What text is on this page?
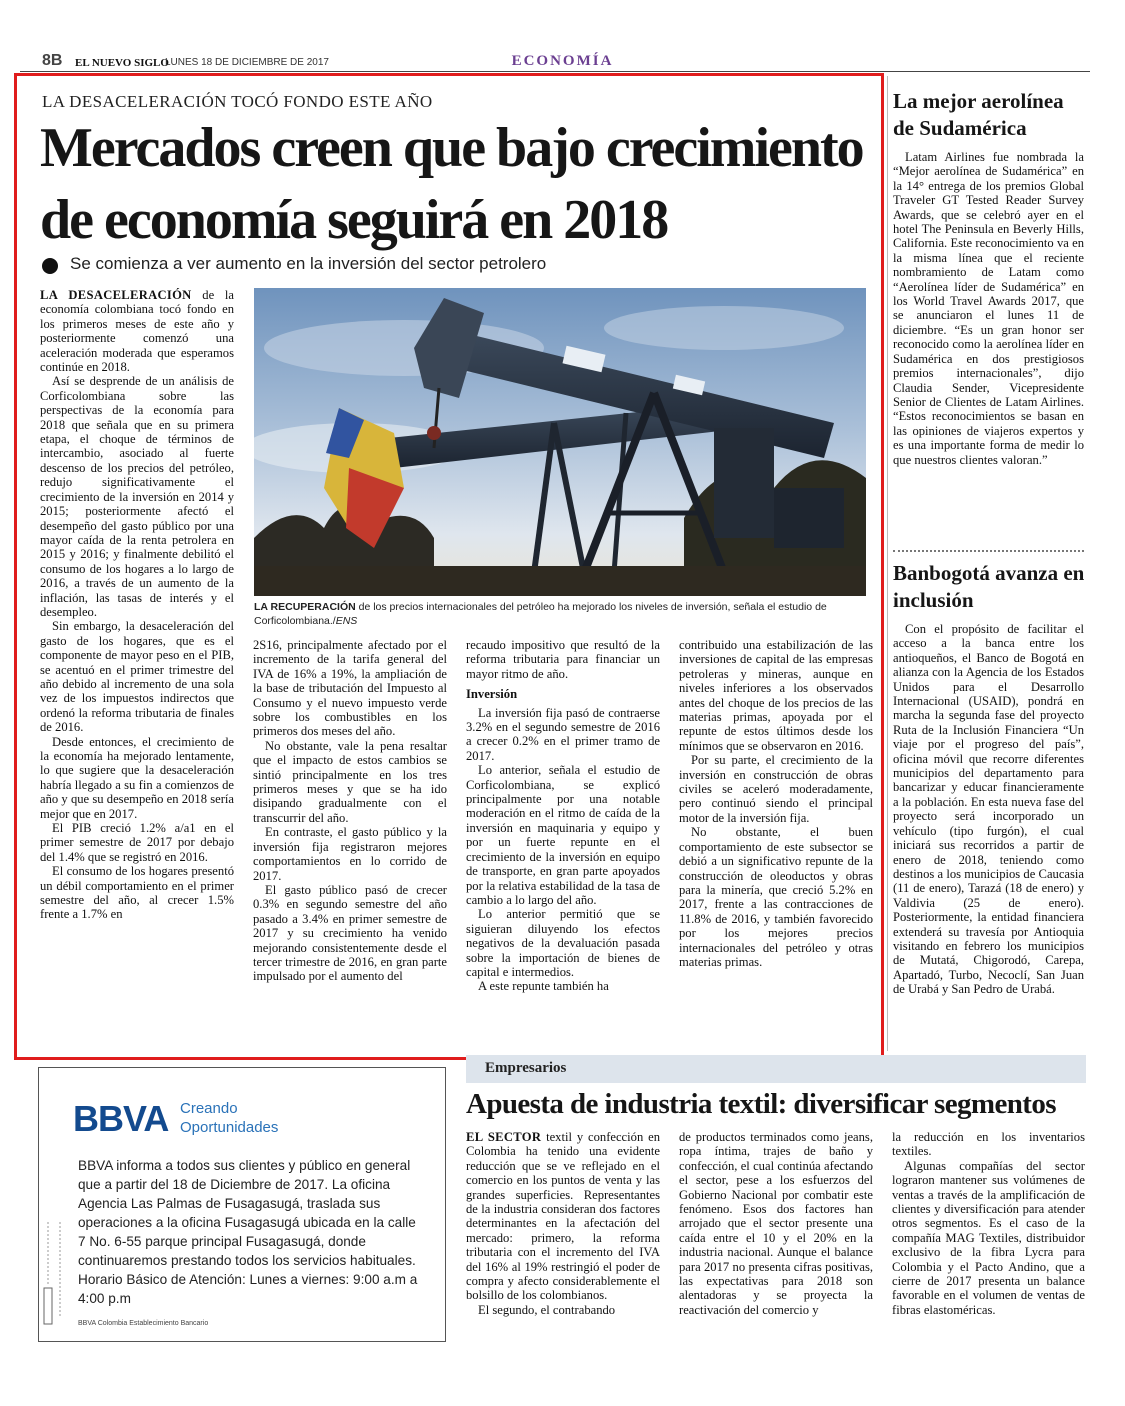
8B EL NUEVO SIGLO
LUNES 18 DE DICIEMBRE DE 2017	ECONOMÍA
LA DESACELERACIÓN TOCÓ FONDO ESTE AÑO
Mercados creen que bajo crecimiento
de economía seguirá en 2018
Se comienza a ver aumento en la inversión del sector petrolero
LA RECUPERACIÓN de los precios internacionales del petróleo ha mejorado los niveles de inversión, señala el estudio de Corficolombiana./ENS

LA DESACELERACIÓN de la economía colombiana tocó fondo en los primeros meses de este año y posteriormente comenzó una aceleración moderada que esperamos continúe en 2018.

Así se desprende de un análisis de Corficolombiana sobre las perspectivas de la economía para 2018 que señala que en su primera etapa, el choque de términos de intercambio, asociado al fuerte descenso de los precios del petróleo, redujo significativamente el crecimiento de la inversión en 2014 y 2015; posteriormente afectó el desempeño del gasto público por una mayor caída de la renta petrolera en 2015 y 2016; y finalmente debilitó el consumo de los hogares a lo largo de 2016, a través de un aumento de la inflación, las tasas de interés y el desempleo.

Sin embargo, la desaceleración del gasto de los hogares, que es el componente de mayor peso en el PIB, se acentuó en el primer trimestre del año debido al incremento de una sola vez de los impuestos indirectos que ordenó la reforma tributaria de finales de 2016.

Desde entonces, el crecimiento de la economía ha mejorado lentamente, lo que sugiere que la desaceleración habría llegado a su fin a comienzos de año y que su desempeño en 2018 sería mejor que en 2017.

El PIB creció 1.2% a/a1 en el primer semestre de 2017 por debajo del 1.4% que se registró en 2016.

El consumo de los hogares presentó un débil comportamiento en el primer semestre del año, al crecer 1.5% frente a 1.7% en

2S16, principalmente afectado por el incremento de la tarifa general del IVA de 16% a 19%, la ampliación de la base de tributación del Impuesto al Consumo y el nuevo impuesto verde sobre los combustibles en los primeros dos meses del año.

No obstante, vale la pena resaltar que el impacto de estos cambios se sintió principalmente en los tres primeros meses y que se ha ido disipando gradualmente con el transcurrir del año.

En contraste, el gasto público y la inversión fija registraron mejores comportamientos en lo corrido de 2017.

El gasto público pasó de crecer 0.3% en segundo semestre del año pasado a 3.4% en primer semestre de 2017 y su crecimiento ha venido mejorando consistentemente desde el tercer trimestre de 2016, en gran parte impulsado por el aumento del

recaudo impositivo que resultó de la reforma tributaria para financiar un mayor ritmo de año.

Inversión

La inversión fija pasó de contraerse 3.2% en el segundo semestre de 2016 a crecer 0.2% en el primer tramo de 2017.

Lo anterior, señala el estudio de Corficolombiana, se explicó principalmente por una notable moderación en el ritmo de caída de la inversión en maquinaria y equipo y por un fuerte repunte en el crecimiento de la inversión en equipo de transporte, en gran parte apoyados por la relativa estabilidad de la tasa de cambio a lo largo del año.

Lo anterior permitió que se siguieran diluyendo los efectos negativos de la devaluación pasada sobre la importación de bienes de capital e intermedios.

A este repunte también ha

contribuido una estabilización de las inversiones de capital de las empresas petroleras y mineras, aunque en niveles inferiores a los observados antes del choque de los precios de las materias primas, apoyada por el repunte de estos últimos desde los mínimos que se observaron en 2016.

Por su parte, el crecimiento de la inversión en construcción de obras civiles se aceleró moderadamente, pero continuó siendo el principal motor de la inversión fija.

No obstante, el buen comportamiento de este subsector se debió a un significativo repunte de la construcción de oleoductos y obras para la minería, que creció 5.2% en 2017, frente a las contracciones de 11.8% de 2016, y también favorecido por los mejores precios internacionales del petróleo y otras materias primas.

La mejor aerolínea de Sudamérica

Latam Airlines fue nombrada la “Mejor aerolínea de Sudamérica” en la 14° entrega de los premios Global Traveler GT Tested Reader Survey Awards, que se celebró ayer en el hotel The Peninsula en Beverly Hills, California. Este reconocimiento va en la misma línea que el reciente nombramiento de Latam como “Aerolínea líder de Sudamérica” en los World Travel Awards 2017, que se anunciaron el lunes 11 de diciembre. “Es un gran honor ser reconocido como la aerolínea líder en Sudamérica en dos prestigiosos premios internacionales”, dijo Claudia Sender, Vicepresidente Senior de Clientes de Latam Airlines. “Estos reconocimientos se basan en las opiniones de viajeros expertos y es una importante forma de medir lo que nuestros clientes valoran.”

Banbogotá avanza en inclusión

Con el propósito de facilitar el acceso a la banca entre los antioqueños, el Banco de Bogotá en alianza con la Agencia de los Estados Unidos para el Desarrollo Internacional (USAID), pondrá en marcha la segunda fase del proyecto Ruta de la Inclusión Financiera “Un viaje por el progreso del país”, oficina móvil que recorre diferentes municipios del departamento para bancarizar y educar financieramente a la población. En esta nueva fase del proyecto será incorporado un vehículo (tipo furgón), el cual iniciará sus recorridos a partir de enero de 2018, teniendo como destinos a los municipios de Caucasia (11 de enero), Tarazá (18 de enero) y Valdivia (25 de enero). Posteriormente, la entidad financiera extenderá su travesía por Antioquia visitando en febrero los municipios de Mutatá, Chigorodó, Carepa, Apartadó, Turbo, Necoclí, San Juan de Urabá y San Pedro de Urabá.

BBVA Creando
Oportunidades

BBVA informa a todos sus clientes y público en general que a partir del 18 de Diciembre de 2017. La oficina Agencia Las Palmas de Fusagasugá, traslada sus operaciones a la oficina Fusagasugá ubicada en la calle 7 No. 6-55 parque principal Fusagasugá, donde continuaremos prestando todos los servicios habituales.

Horario Básico de Atención: Lunes a viernes: 9:00 a.m a 4:00 p.m

BBVA Colombia Establecimiento Bancario
Empresarios
Apuesta de industria textil: diversificar segmentos

EL SECTOR textil y confección en Colombia ha tenido una evidente reducción que se ve reflejado en el comercio en los puntos de venta y las grandes superficies. Representantes de la industria consideran dos factores determinantes en la afectación del mercado: primero, la reforma tributaria con el incremento del IVA del 16% al 19% restringió el poder de compra y afecto considerablemente el bolsillo de los colombianos.

El segundo, el contrabando

de productos terminados como jeans, ropa íntima, trajes de baño y confección, el cual continúa afectando el sector, pese a los esfuerzos del Gobierno Nacional por combatir este fenómeno. Esos dos factores han arrojado que el sector presente una caída entre el 10 y el 20% en la industria nacional. Aunque el balance para 2017 no presenta cifras positivas, las expectativas para 2018 son alentadoras y se proyecta la reactivación del comercio y

la reducción en los inventarios textiles.

Algunas compañías del sector lograron mantener sus volúmenes de ventas a través de la amplificación de clientes y diversificación para atender otros segmentos. Es el caso de la compañía MAG Textiles, distribuidor exclusivo de la fibra Lycra para Colombia y el Pacto Andino, que a cierre de 2017 presenta un balance favorable en el volumen de ventas de fibras elastoméricas.
